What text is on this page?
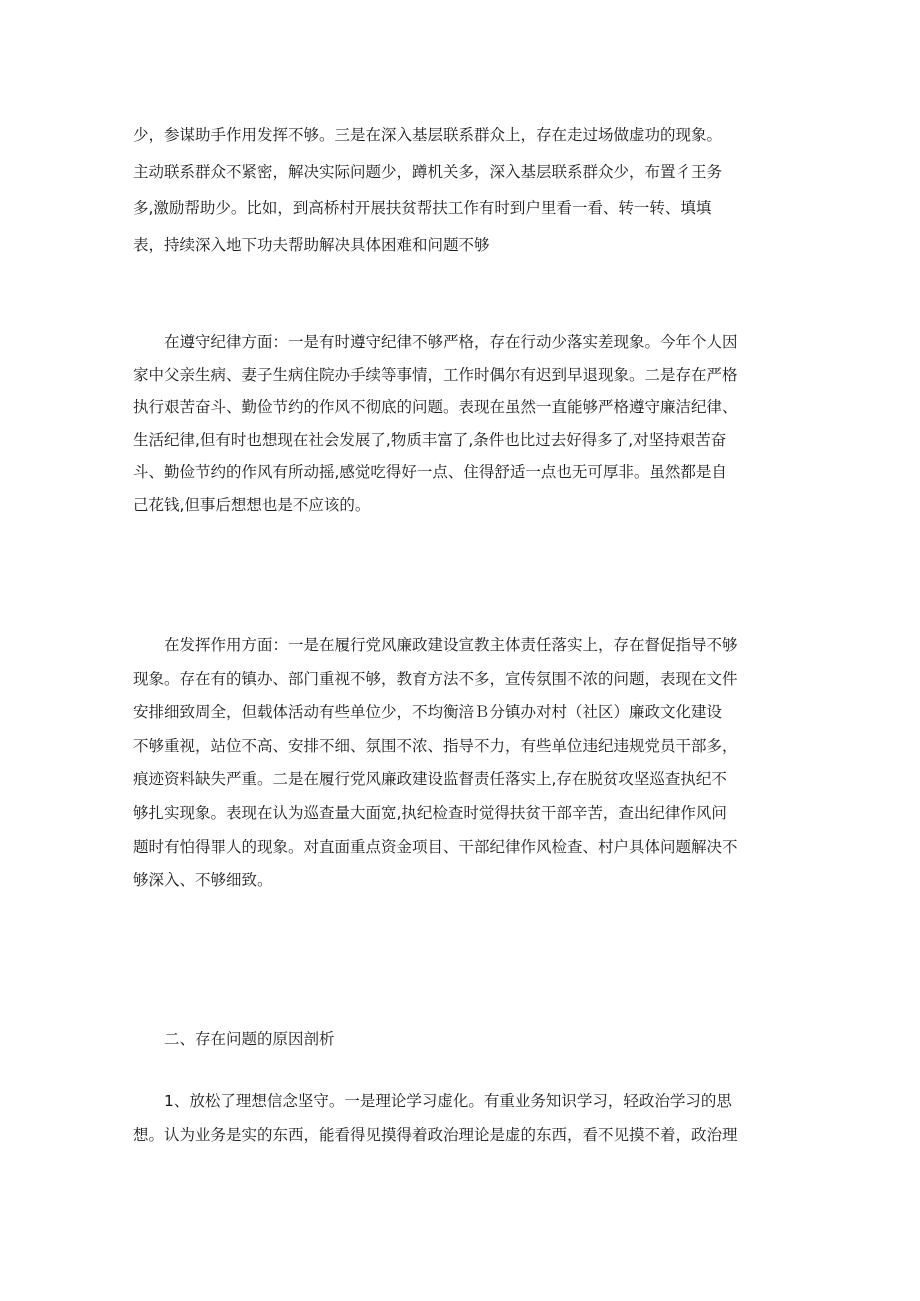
少，参谋助手作用发挥不够。三是在深入基层联系群众上，存在走过场做虚功的现象。
主动联系群众不紧密，解决实际问题少，蹲机关多，深入基层联系群众少，布置彳王务
多,激励帮助少。比如，到高桥村开展扶贫帮扶工作有时到户里看一看、转一转、填填
表，持续深入地下功夫帮助解决具体困难和问题不够

在遵守纪律方面：一是有时遵守纪律不够严格，存在行动少落实差现象。今年个人因
家中父亲生病、妻子生病住院办手续等事情，工作时偶尔有迟到早退现象。二是存在严格
执行艰苦奋斗、勤俭节约的作风不彻底的问题。表现在虽然一直能够严格遵守廉洁纪律、
生活纪律,但有时也想现在社会发展了,物质丰富了,条件也比过去好得多了,对坚持艰苦奋
斗、勤俭节约的作风有所动摇,感觉吃得好一点、住得舒适一点也无可厚非。虽然都是自
己花钱,但事后想想也是不应该的。

在发挥作用方面：一是在履行党风廉政建设宣教主体责任落实上，存在督促指导不够
现象。存在有的镇办、部门重视不够，教育方法不多，宣传氛围不浓的问题，表现在文件
安排细致周全，但载体活动有些单位少，不均衡涪Ｂ分镇办对村（社区）廉政文化建设
不够重视，站位不高、安排不细、氛围不浓、指导不力，有些单位违纪违规党员干部多，
痕迹资料缺失严重。二是在履行党风廉政建设监督责任落实上,存在脱贫攻坚巡查执纪不
够扎实现象。表现在认为巡查量大面宽,执纪检查时觉得扶贫干部辛苦，查出纪律作风问
题时有怕得罪人的现象。对直面重点资金项目、干部纪律作风检查、村户具体问题解决不
够深入、不够细致。

二、存在问题的原因剖析

1、放松了理想信念坚守。一是理论学习虚化。有重业务知识学习，轻政治学习的思
想。认为业务是实的东西，能看得见摸得着政治理论是虚的东西，看不见摸不着，政治理
